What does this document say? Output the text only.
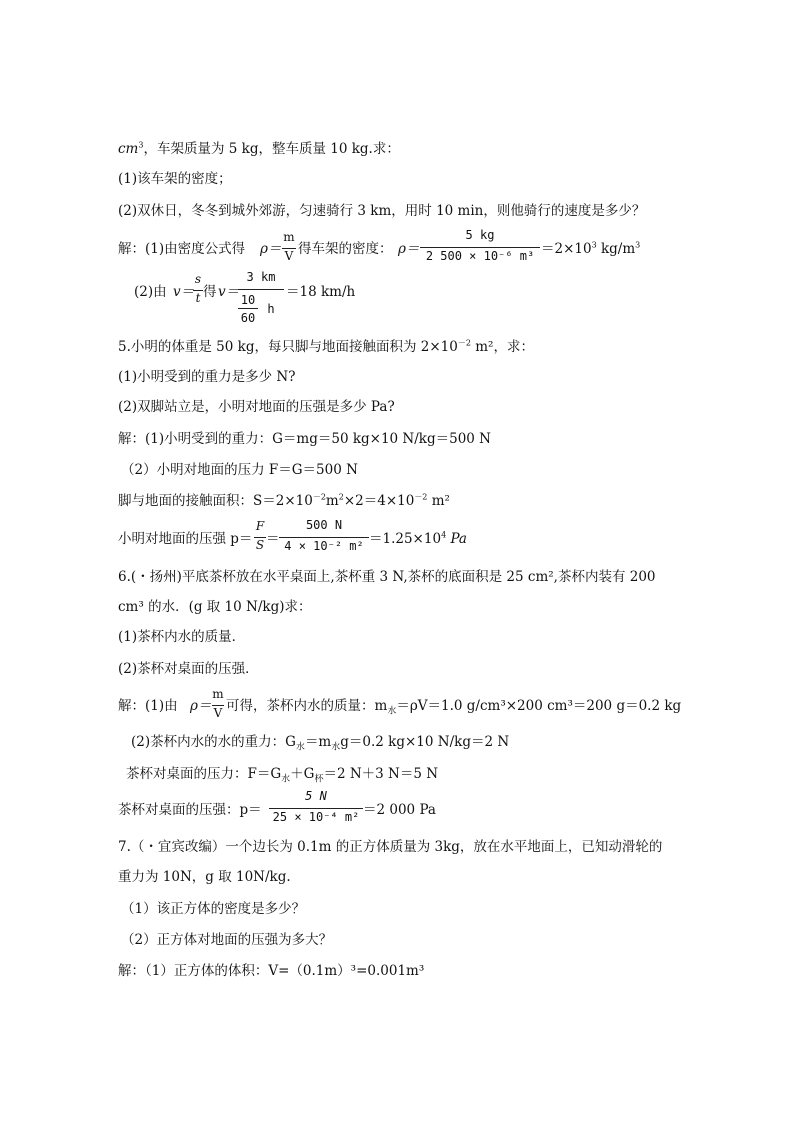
$cm^3$，车架质量为 5 kg，整车质量 10 kg.求：
(1)该车架的密度；
(2)双休日，冬冬到城外郊游，匀速骑行 3 km，用时 10 min，则他骑行的速度是多少？
解：(1)由密度公式得 ρ＝
m
V 得车架的密度： ρ＝
5 kg
2 500 × 10⁻⁶ $m^3 =2\times 10^3$ $kg/m^3$
(2)由 v＝
s
t 得 v＝
3 km
10
60
h
＝18 km/h
5.小明的体重是 50 kg，每只脚与地面接触面积为 $2\times 10^{-2}$ m²，求：
(1)小明受到的重力是多少 N?
(2)双脚站立是，小明对地面的压强是多少 Pa?
解：(1)小明受到的重力：G＝mg＝50 kg×10 N/kg＝500 N
（2）小明对地面的压力 F＝G＝500 N
脚与地面的接触面积：$S=2\times 10^{-2}m^2\times 2=4\times 10^{-2}$ m²
小明对地面的压强 p＝
F
S ＝
500 N
4 × 10⁻² $m^2 =1.25\times 10^4$ Pa
6.(・扬州)平底茶杯放在水平桌面上,茶杯重 3 N,茶杯的底面积是 25 cm²,茶杯内装有 200
cm³ 的水．(g 取 10 N/kg)求：
(1)茶杯内水的质量．
(2)茶杯对桌面的压强．
解：(1)由 ρ＝
m
V 可得，茶杯内水的质量：$m_水=\rho V=1.0$ g/cm³×200 cm³＝200 g＝0.2 kg
(2)茶杯内水的水的重力：$G_水=m_水g=0.2$ kg×10 N/kg＝2 N
茶杯对桌面的压力：$F=G_水+G_杯=2$ N＋3 N＝5 N
茶杯对桌面的压强：p＝
5 N
25 × 10⁻⁴ m² ＝2 000 Pa
7.（・宜宾改编）一个边长为 0.1m 的正方体质量为 3kg，放在水平地面上，已知动滑轮的
重力为 10N，g 取 10N/kg.
（1）该正方体的密度是多少？
（2）正方体对地面的压强为多大？
解：（1）正方体的体积：V=（0.1m）³=0.001m³
